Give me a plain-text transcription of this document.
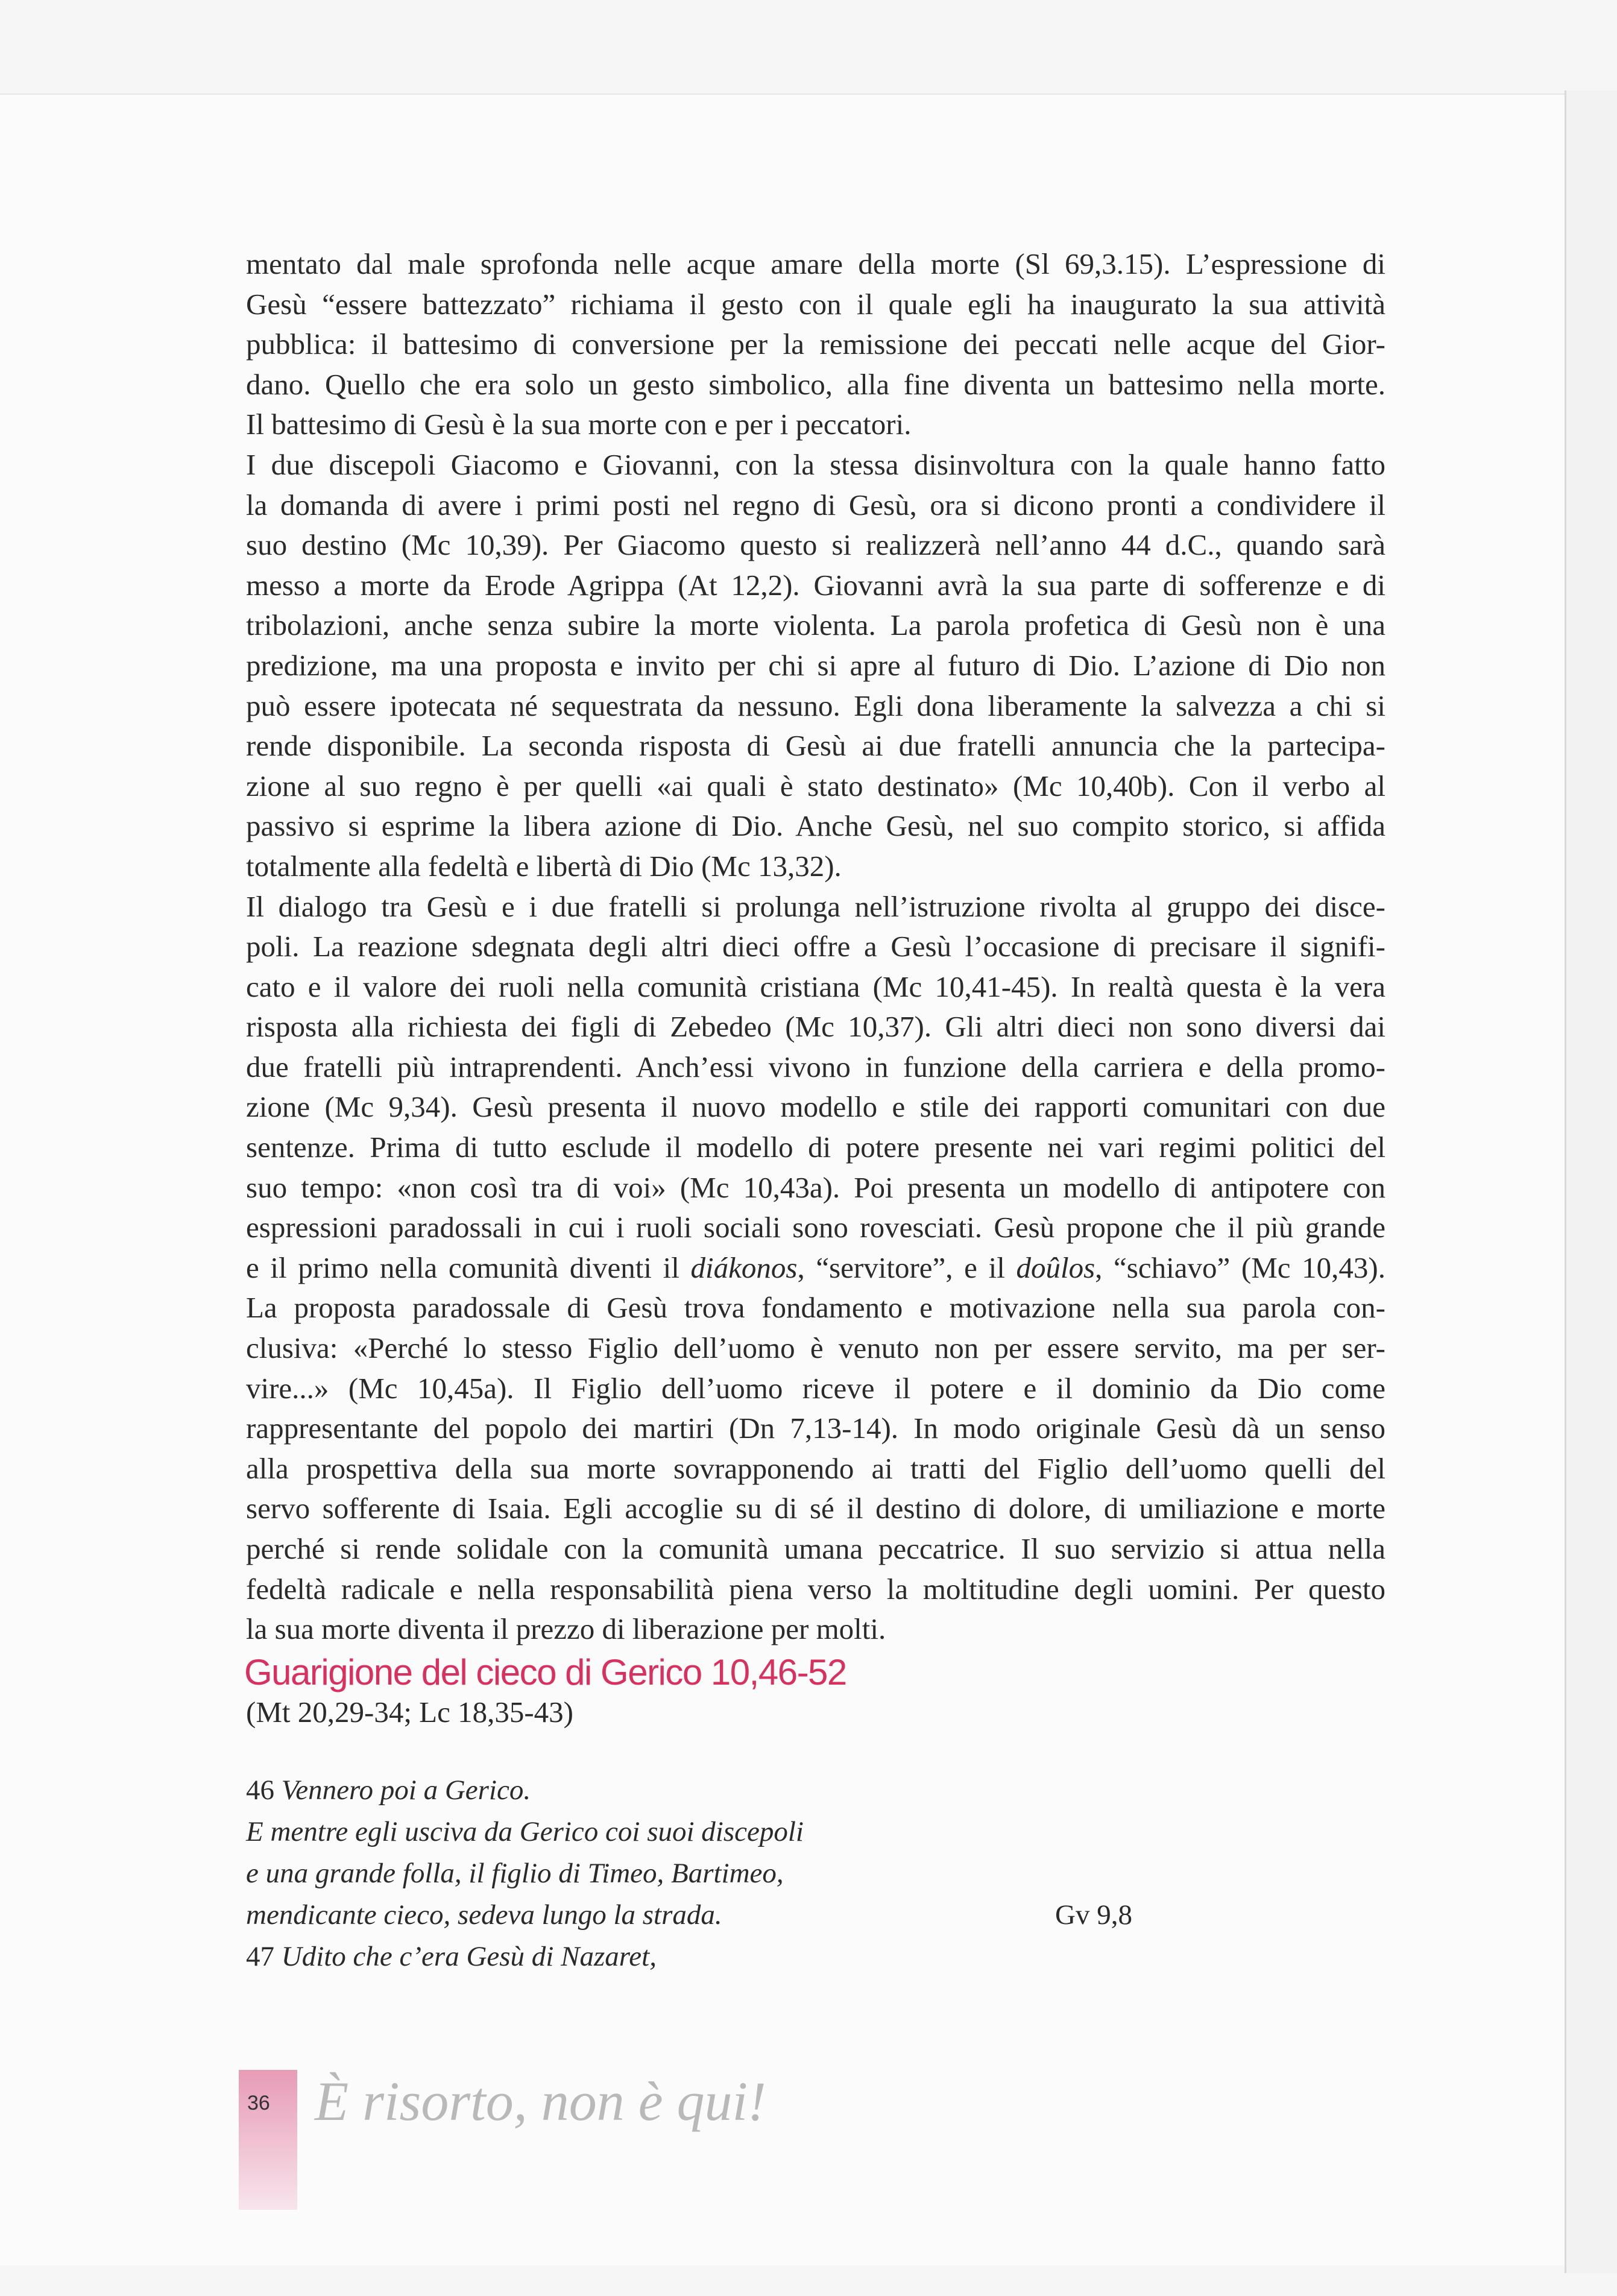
mentato dal male sprofonda nelle acque amare della morte (Sl 69,3.15). L’espressione di
Gesù “essere battezzato” richiama il gesto con il quale egli ha inaugurato la sua attività
pubblica: il battesimo di conversione per la remissione dei peccati nelle acque del Gior-
dano. Quello che era solo un gesto simbolico, alla fine diventa un battesimo nella morte.
Il battesimo di Gesù è la sua morte con e per i peccatori.
I due discepoli Giacomo e Giovanni, con la stessa disinvoltura con la quale hanno fatto
la domanda di avere i primi posti nel regno di Gesù, ora si dicono pronti a condividere il
suo destino (Mc 10,39). Per Giacomo questo si realizzerà nell’anno 44 d.C., quando sarà
messo a morte da Erode Agrippa (At 12,2). Giovanni avrà la sua parte di sofferenze e di
tribolazioni, anche senza subire la morte violenta. La parola profetica di Gesù non è una
predizione, ma una proposta e invito per chi si apre al futuro di Dio. L’azione di Dio non
può essere ipotecata né sequestrata da nessuno. Egli dona liberamente la salvezza a chi si
rende disponibile. La seconda risposta di Gesù ai due fratelli annuncia che la partecipa-
zione al suo regno è per quelli «ai quali è stato destinato» (Mc 10,40b). Con il verbo al
passivo si esprime la libera azione di Dio. Anche Gesù, nel suo compito storico, si affida
totalmente alla fedeltà e libertà di Dio (Mc 13,32).
Il dialogo tra Gesù e i due fratelli si prolunga nell’istruzione rivolta al gruppo dei disce-
poli. La reazione sdegnata degli altri dieci offre a Gesù l’occasione di precisare il signifi-
cato e il valore dei ruoli nella comunità cristiana (Mc 10,41-45). In realtà questa è la vera
risposta alla richiesta dei figli di Zebedeo (Mc 10,37). Gli altri dieci non sono diversi dai
due fratelli più intraprendenti. Anch’essi vivono in funzione della carriera e della promo-
zione (Mc 9,34). Gesù presenta il nuovo modello e stile dei rapporti comunitari con due
sentenze. Prima di tutto esclude il modello di potere presente nei vari regimi politici del
suo tempo: «non così tra di voi» (Mc 10,43a). Poi presenta un modello di antipotere con
espressioni paradossali in cui i ruoli sociali sono rovesciati. Gesù propone che il più grande
e il primo nella comunità diventi il diákonos, “servitore”, e il doûlos, “schiavo” (Mc 10,43).
La proposta paradossale di Gesù trova fondamento e motivazione nella sua parola con-
clusiva: «Perché lo stesso Figlio dell’uomo è venuto non per essere servito, ma per ser-
vire...» (Mc 10,45a). Il Figlio dell’uomo riceve il potere e il dominio da Dio come
rappresentante del popolo dei martiri (Dn 7,13-14). In modo originale Gesù dà un senso
alla prospettiva della sua morte sovrapponendo ai tratti del Figlio dell’uomo quelli del
servo sofferente di Isaia. Egli accoglie su di sé il destino di dolore, di umiliazione e morte
perché si rende solidale con la comunità umana peccatrice. Il suo servizio si attua nella
fedeltà radicale e nella responsabilità piena verso la moltitudine degli uomini. Per questo
la sua morte diventa il prezzo di liberazione per molti.
Guarigione del cieco di Gerico 10,46-52
(Mt 20,29-34; Lc 18,35-43)
46 Vennero poi a Gerico.
E mentre egli usciva da Gerico coi suoi discepoli
e una grande folla, il figlio di Timeo, Bartimeo,
mendicante cieco, sedeva lungo la strada.	Gv 9,8
47 Udito che c’era Gesù di Nazaret,
36 È risorto, non è qui!
